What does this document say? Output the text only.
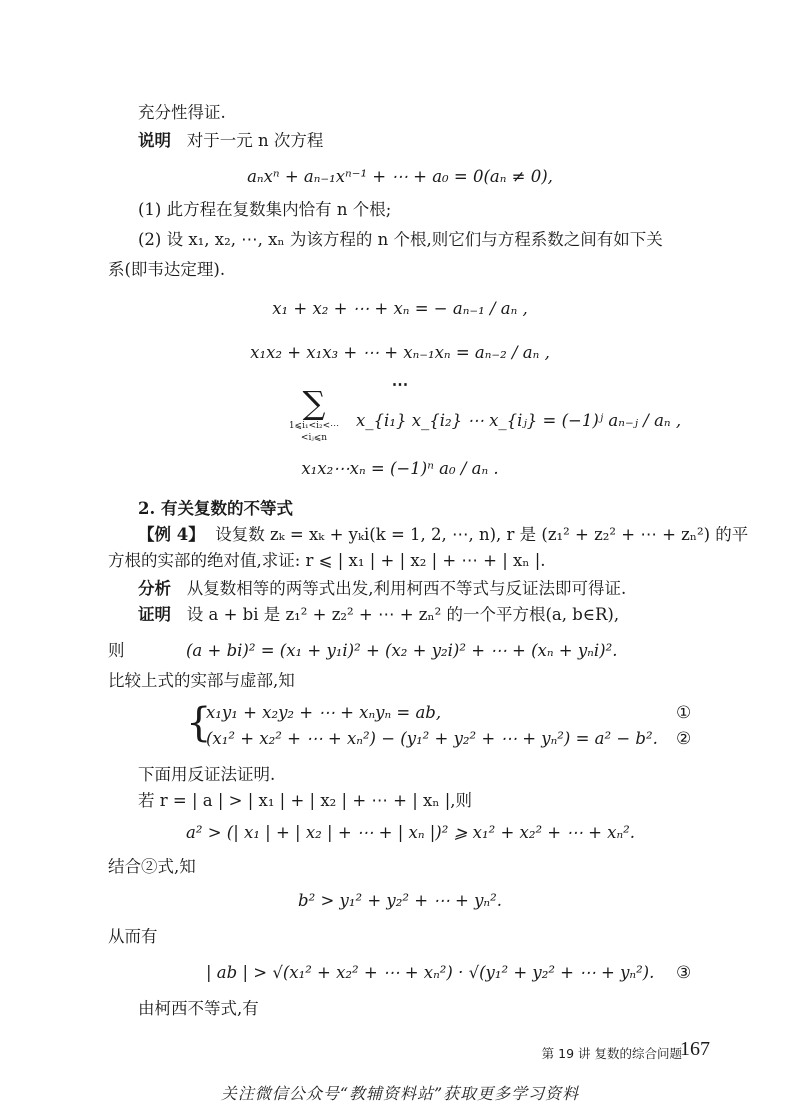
充分性得证.
说明 对于一元 n 次方程
aₙxⁿ + aₙ₋₁xⁿ⁻¹ + ⋯ + a₀ = 0(aₙ ≠ 0),
(1) 此方程在复数集内恰有 n 个根;
(2) 设 x₁, x₂, ⋯, xₙ 为该方程的 n 个根,则它们与方程系数之间有如下关
系(即韦达定理).
x₁ + x₂ + ⋯ + xₙ = − aₙ₋₁ / aₙ ,
x₁x₂ + x₁x₃ + ⋯ + xₙ₋₁xₙ = aₙ₋₂ / aₙ ,
⋯
∑
1⩽i₁<i₂<⋯<iⱼ⩽n
x_{i₁} x_{i₂} ⋯ x_{iⱼ} = (−1)ʲ aₙ₋ⱼ / aₙ ,
x₁x₂⋯xₙ = (−1)ⁿ a₀ / aₙ .
2. 有关复数的不等式
【例 4】 设复数 zₖ = xₖ + yₖi(k = 1, 2, ⋯, n), r 是 (z₁² + z₂² + ⋯ + zₙ²) 的平
方根的实部的绝对值,求证: r ⩽ | x₁ | + | x₂ | + ⋯ + | xₙ |.
分析 从复数相等的两等式出发,利用柯西不等式与反证法即可得证.
证明 设 a + bi 是 z₁² + z₂² + ⋯ + zₙ² 的一个平方根(a, b∈R),
则	(a + bi)² = (x₁ + y₁i)² + (x₂ + y₂i)² + ⋯ + (xₙ + yₙi)².
比较上式的实部与虚部,知
{
x₁y₁ + x₂y₂ + ⋯ + xₙyₙ = ab,
(x₁² + x₂² + ⋯ + xₙ²) − (y₁² + y₂² + ⋯ + yₙ²) = a² − b².
①
②
下面用反证法证明.
若 r = | a | > | x₁ | + | x₂ | + ⋯ + | xₙ |,则
a² > (| x₁ | + | x₂ | + ⋯ + | xₙ |)² ⩾ x₁² + x₂² + ⋯ + xₙ².
结合②式,知
b² > y₁² + y₂² + ⋯ + yₙ².
从而有
| ab | > √(x₁² + x₂² + ⋯ + xₙ²) · √(y₁² + y₂² + ⋯ + yₙ²). ③
由柯西不等式,有
第 19 讲 复数的综合问题
167
关注微信公众号“教辅资料站”获取更多学习资料
